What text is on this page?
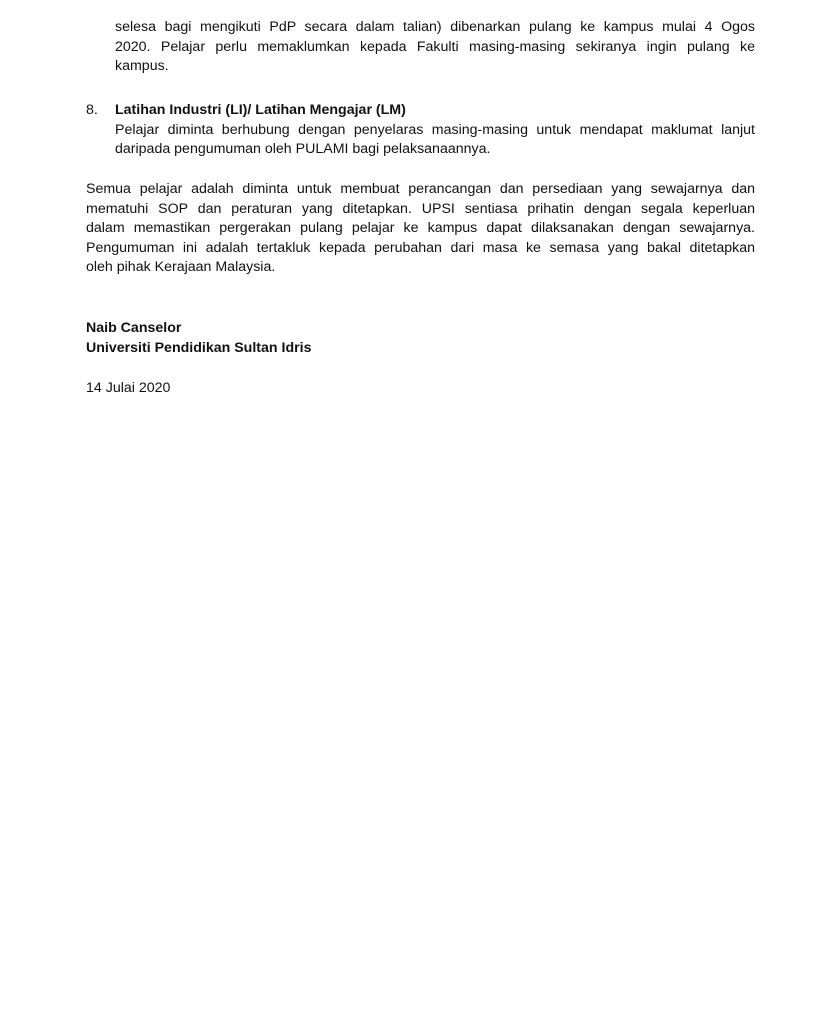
selesa bagi mengikuti PdP secara dalam talian) dibenarkan pulang ke kampus mulai 4 Ogos
2020. Pelajar perlu memaklumkan kepada Fakulti masing-masing sekiranya ingin pulang ke
kampus.
8. Latihan Industri (LI)/ Latihan Mengajar (LM)
Pelajar diminta berhubung dengan penyelaras masing-masing untuk mendapat maklumat lanjut
daripada pengumuman oleh PULAMI bagi pelaksanaannya.
Semua pelajar adalah diminta untuk membuat perancangan dan persediaan yang sewajarnya dan
mematuhi SOP dan peraturan yang ditetapkan. UPSI sentiasa prihatin dengan segala keperluan
dalam memastikan pergerakan pulang pelajar ke kampus dapat dilaksanakan dengan sewajarnya.
Pengumuman ini adalah tertakluk kepada perubahan dari masa ke semasa yang bakal ditetapkan
oleh pihak Kerajaan Malaysia.
Naib Canselor
Universiti Pendidikan Sultan Idris
14 Julai 2020
